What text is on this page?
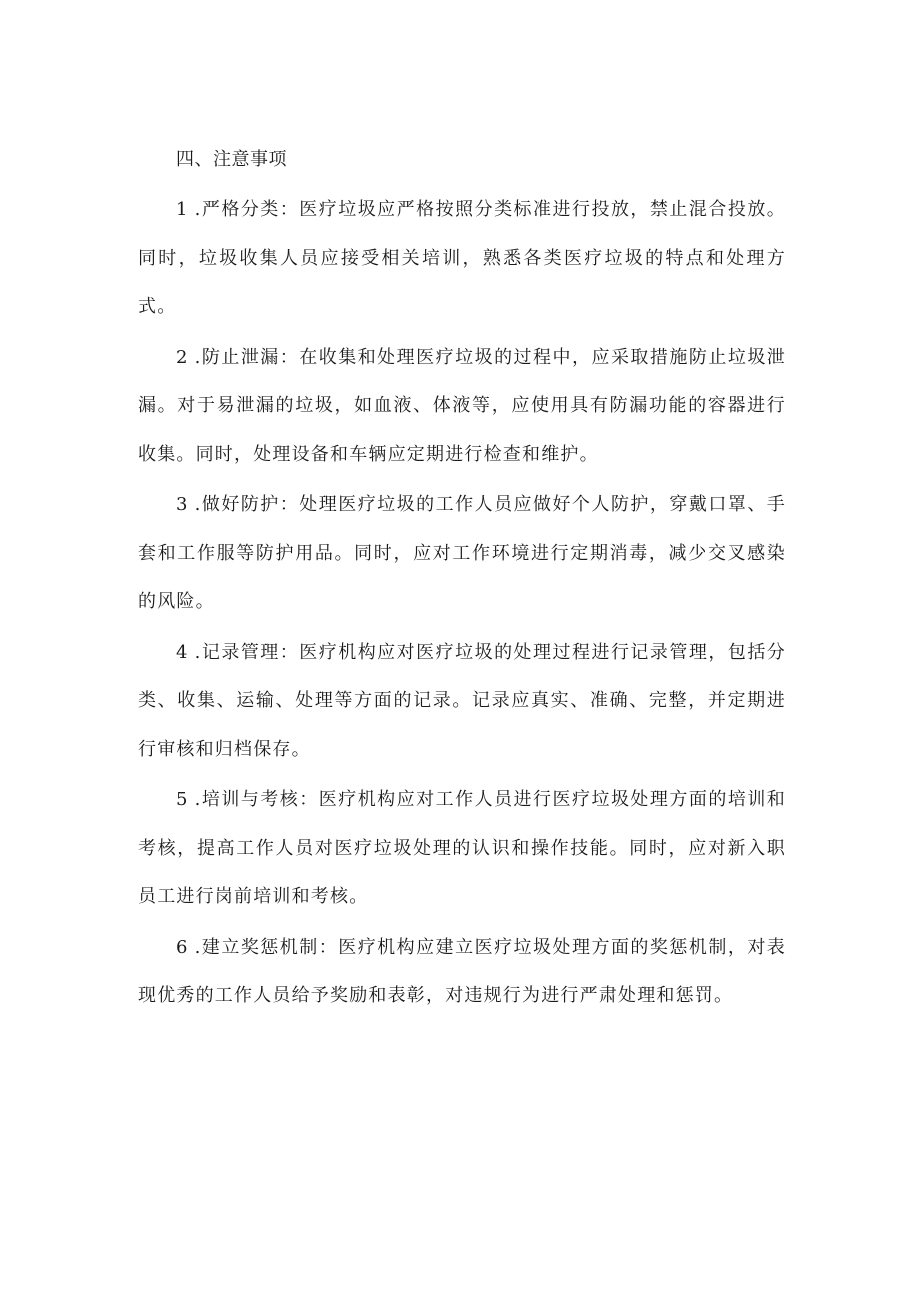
四、注意事项

1 .严格分类：医疗垃圾应严格按照分类标准进行投放，禁止混合投放。同时，垃圾收集人员应接受相关培训，熟悉各类医疗垃圾的特点和处理方式。

2 .防止泄漏：在收集和处理医疗垃圾的过程中，应采取措施防止垃圾泄漏。对于易泄漏的垃圾，如血液、体液等，应使用具有防漏功能的容器进行收集。同时，处理设备和车辆应定期进行检查和维护。

3 .做好防护：处理医疗垃圾的工作人员应做好个人防护，穿戴口罩、手套和工作服等防护用品。同时，应对工作环境进行定期消毒，减少交叉感染的风险。

4 .记录管理：医疗机构应对医疗垃圾的处理过程进行记录管理，包括分类、收集、运输、处理等方面的记录。记录应真实、准确、完整，并定期进行审核和归档保存。

5 .培训与考核：医疗机构应对工作人员进行医疗垃圾处理方面的培训和考核，提高工作人员对医疗垃圾处理的认识和操作技能。同时，应对新入职员工进行岗前培训和考核。

6 .建立奖惩机制：医疗机构应建立医疗垃圾处理方面的奖惩机制，对表现优秀的工作人员给予奖励和表彰，对违规行为进行严肃处理和惩罚。
